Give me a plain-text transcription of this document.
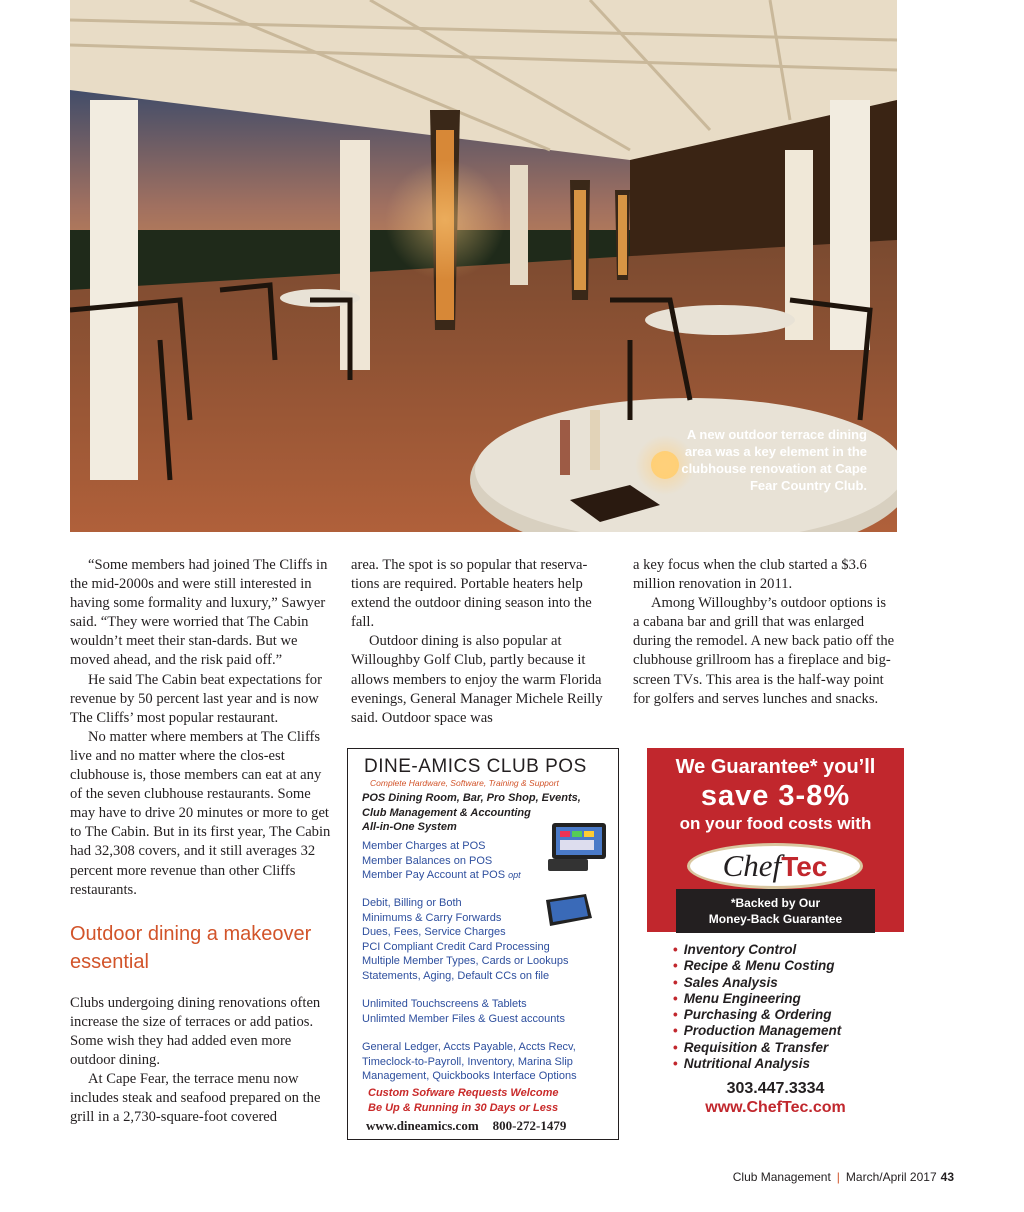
A new outdoor terrace dining area was a key element in the clubhouse renovation at Cape Fear Country Club.

“Some members had joined The Cliffs in the mid-2000s and were still interested in having some formality and luxury,” Sawyer said. “They were worried that The Cabin wouldn’t meet their stan-dards. But we moved ahead, and the risk paid off.”

He said The Cabin beat expectations for revenue by 50 percent last year and is now The Cliffs’ most popular restaurant.

No matter where members at The Cliffs live and no matter where the clos-est clubhouse is, those members can eat at any of the seven clubhouse restaurants. Some may have to drive 20 minutes or more to get to The Cabin. But in its first year, The Cabin had 32,308 covers, and it still averages 32 percent more revenue than other Cliffs restaurants.

Outdoor dining a makeover essential

Clubs undergoing dining renovations often increase the size of terraces or add patios. Some wish they had added even more outdoor dining.

At Cape Fear, the terrace menu now includes steak and seafood prepared on the grill in a 2,730-square-foot covered

area. The spot is so popular that reserva-tions are required. Portable heaters help extend the outdoor dining season into the fall.

Outdoor dining is also popular at Willoughby Golf Club, partly because it allows members to enjoy the warm Florida evenings, General Manager Michele Reilly said. Outdoor space was

a key focus when the club started a $3.6 million renovation in 2011.

Among Willoughby’s outdoor options is a cabana bar and grill that was enlarged during the remodel. A new back patio off the clubhouse grillroom has a fireplace and big-screen TVs. This area is the half-way point for golfers and serves lunches and snacks.

DINE-AMICS CLUB POS
Complete Hardware, Software, Training & Support
POS Dining Room, Bar, Pro Shop, Events,
Club Management & Accounting
All-in-One System
Member Charges at POS
Member Balances on POS
Member Pay Account at POS opt
Debit, Billing or Both
Minimums & Carry Forwards
Dues, Fees, Service Charges
PCI Compliant Credit Card Processing
Multiple Member Types, Cards or Lookups
Statements, Aging, Default CCs on file
Unlimited Touchscreens & Tablets
Unlimted Member Files & Guest accounts
General Ledger, Accts Payable, Accts Recv,
Timeclock-to-Payroll, Inventory, Marina Slip
Management, Quickbooks Interface Options
Custom Sofware Requests Welcome
Be Up & Running in 30 Days or Less
www.dineamics.com 800-272-1479
We Guarantee* you’ll
save 3-8%
on your food costs with
ChefTec
*Backed by Our
Money-Back Guarantee
• Inventory Control
• Recipe & Menu Costing
• Sales Analysis
• Menu Engineering
• Purchasing & Ordering
• Production Management
• Requisition & Transfer
• Nutritional Analysis
303.447.3334
www.ChefTec.com
Club Management | March/April 2017 43
